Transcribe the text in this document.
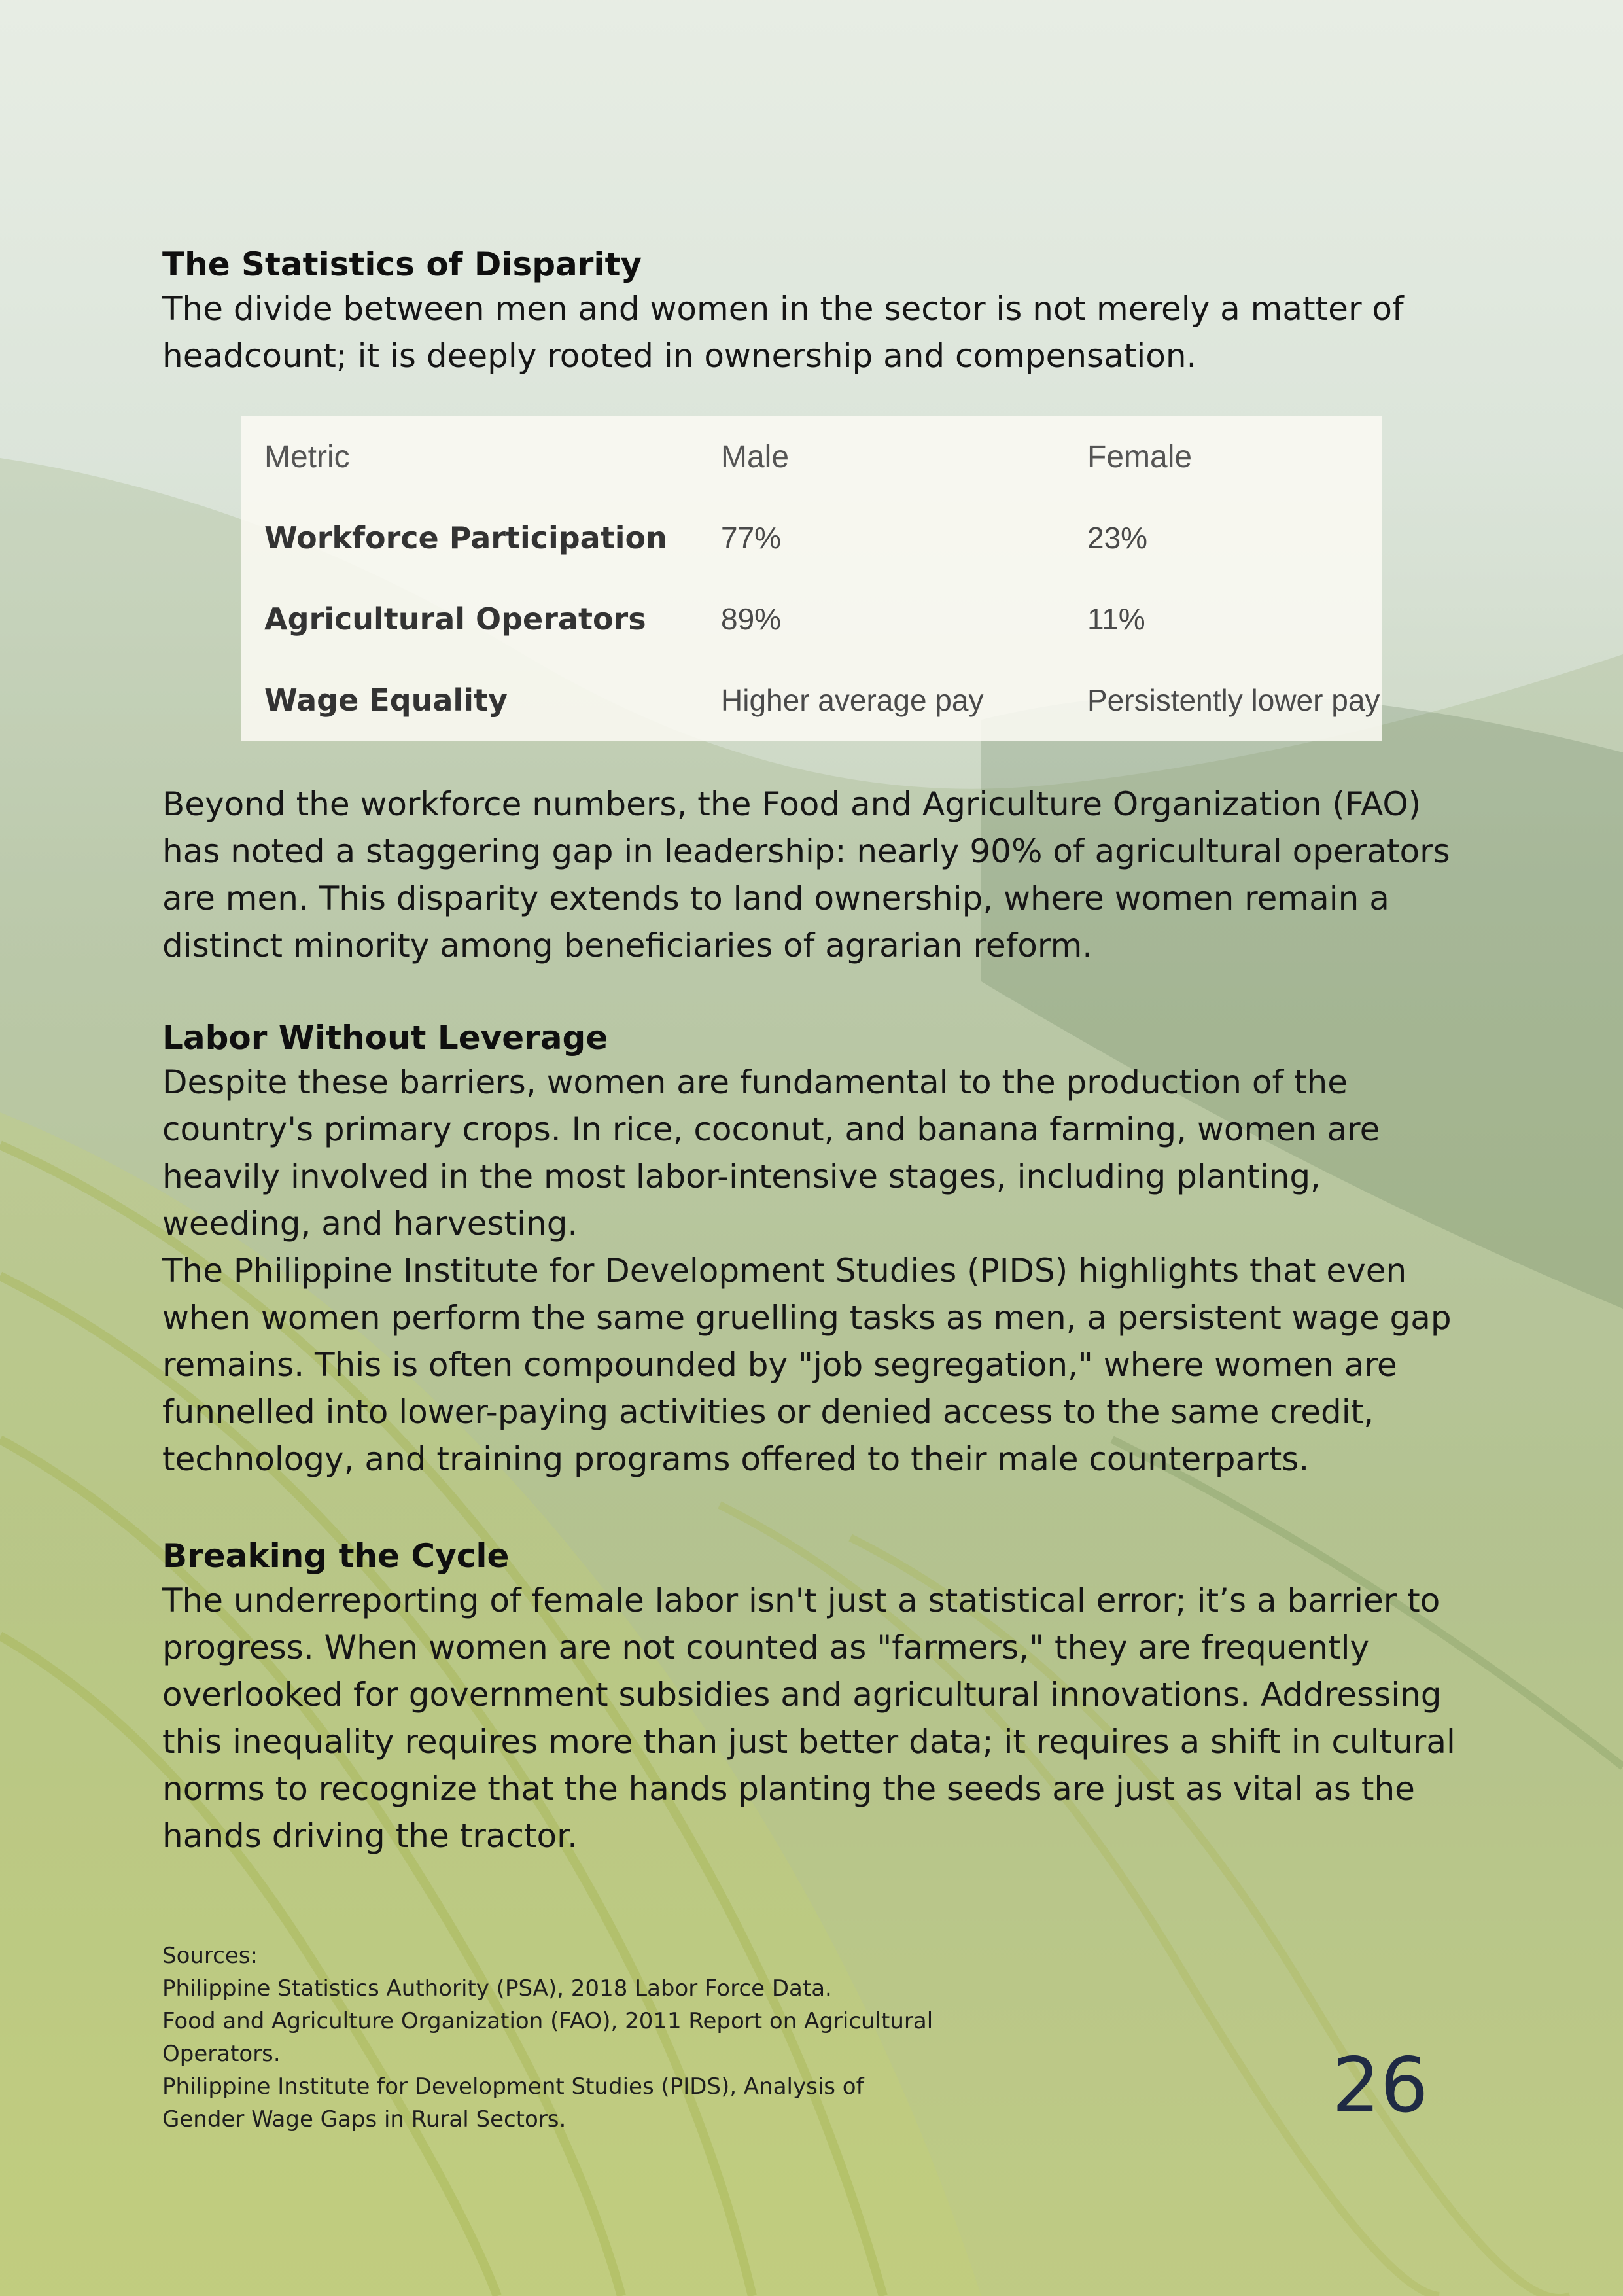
The Statistics of Disparity

The divide between men and women in the sector is not merely a matter of headcount; it is deeply rooted in ownership and compensation.

Metric	Male	Female
Workforce Participation	77%	23%
Agricultural Operators	89%	11%
Wage Equality	Higher average pay	Persistently lower pay

Beyond the workforce numbers, the Food and Agriculture Organization (FAO) has noted a staggering gap in leadership: nearly 90% of agricultural operators are men. This disparity extends to land ownership, where women remain a distinct minority among beneficiaries of agrarian reform.

Labor Without Leverage

Despite these barriers, women are fundamental to the production of the country's primary crops. In rice, coconut, and banana farming, women are heavily involved in the most labor-intensive stages, including planting, weeding, and harvesting.

The Philippine Institute for Development Studies (PIDS) highlights that even when women perform the same gruelling tasks as men, a persistent wage gap remains. This is often compounded by "job segregation," where women are funnelled into lower-paying activities or denied access to the same credit, technology, and training programs offered to their male counterparts.

Breaking the Cycle

The underreporting of female labor isn't just a statistical error; it’s a barrier to progress. When women are not counted as "farmers," they are frequently overlooked for government subsidies and agricultural innovations. Addressing this inequality requires more than just better data; it requires a shift in cultural norms to recognize that the hands planting the seeds are just as vital as the hands driving the tractor.

Sources:

Philippine Statistics Authority (PSA), 2018 Labor Force Data.

Food and Agriculture Organization (FAO), 2011 Report on Agricultural Operators.

Philippine Institute for Development Studies (PIDS), Analysis of Gender Wage Gaps in Rural Sectors.	26
